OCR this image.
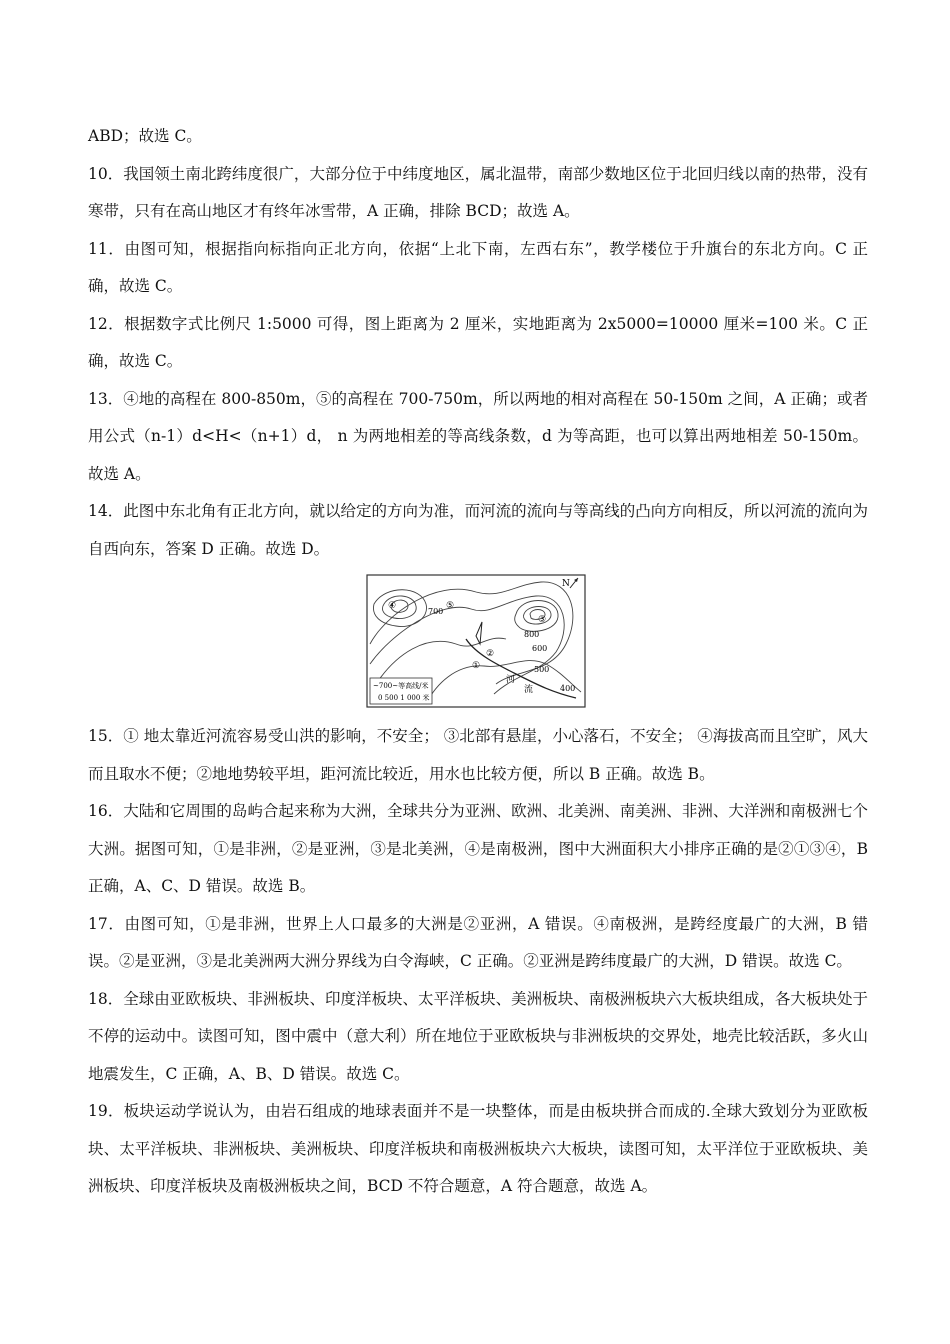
ABD；故选 C。

10．我国领土南北跨纬度很广，大部分位于中纬度地区，属北温带，南部少数地区位于北回归线以南的热带，没有寒带，只有在高山地区才有终年冰雪带，A 正确，排除 BCD；故选 A。

11．由图可知，根据指向标指向正北方向，依据“上北下南，左西右东”，教学楼位于升旗台的东北方向。C 正确，故选 C。

12．根据数字式比例尺 1:5000 可得，图上距离为 2 厘米，实地距离为 2x5000=10000 厘米=100 米。C 正确，故选 C。

13．④地的高程在 800-850m，⑤的高程在 700-750m，所以两地的相对高程在 50-150m 之间，A 正确；或者用公式（n-1）d<H<（n+1）d， n 为两地相差的等高线条数，d 为等高距，也可以算出两地相差 50-150m。故选 A。

14．此图中东北角有正北方向，就以给定的方向为准，而河流的流向与等高线的凸向方向相反，所以河流的流向为自西向东，答案 D 正确。故选 D。

N
700
800
600
500
400
④	⑤
②
③
①
河
流
~700~等高线/米
0 500 1 000 米

15．① 地太靠近河流容易受山洪的影响，不安全； ③北部有悬崖，小心落石，不安全； ④海拔高而且空旷，风大而且取水不便；②地地势较平坦，距河流比较近，用水也比较方便，所以 B 正确。故选 B。

16．大陆和它周围的岛屿合起来称为大洲，全球共分为亚洲、欧洲、北美洲、南美洲、非洲、大洋洲和南极洲七个大洲。据图可知，①是非洲，②是亚洲，③是北美洲，④是南极洲，图中大洲面积大小排序正确的是②①③④，B 正确，A、C、D 错误。故选 B。

17．由图可知，①是非洲，世界上人口最多的大洲是②亚洲，A 错误。④南极洲，是跨经度最广的大洲，B 错误。②是亚洲，③是北美洲两大洲分界线为白令海峡，C 正确。②亚洲是跨纬度最广的大洲，D 错误。故选 C。

18．全球由亚欧板块、非洲板块、印度洋板块、太平洋板块、美洲板块、南极洲板块六大板块组成，各大板块处于不停的运动中。读图可知，图中震中（意大利）所在地位于亚欧板块与非洲板块的交界处，地壳比较活跃，多火山地震发生，C 正确，A、B、D 错误。故选 C。

19．板块运动学说认为，由岩石组成的地球表面并不是一块整体，而是由板块拼合而成的.全球大致划分为亚欧板块、太平洋板块、非洲板块、美洲板块、印度洋板块和南极洲板块六大板块，读图可知，太平洋位于亚欧板块、美洲板块、印度洋板块及南极洲板块之间，BCD 不符合题意，A 符合题意，故选 A。
